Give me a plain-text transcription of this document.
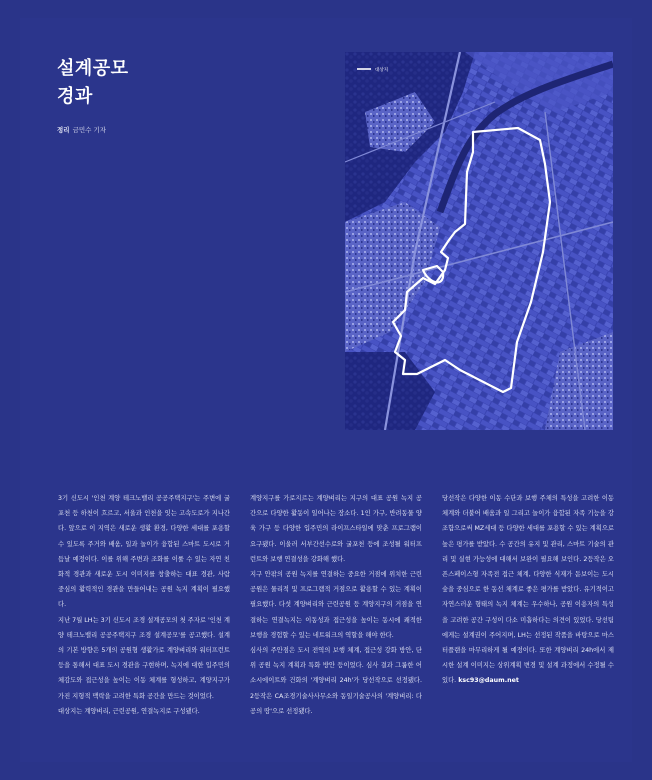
설계공모
경과
정리 금민수 기자
대상지

3기 신도시 '인천 계양 테크노밸리 공공주택지구'는 주변에 굴포천 등 하천이 흐르고, 서울과 인천을 잇는 고속도로가 지나간다. 앞으로 이 지역은 새로운 생활 환경, 다양한 세대를 포용할 수 있도록 주거와 배움, 일과 놀이가 융합된 스마트 도시로 거듭날 예정이다. 이를 위해 주변과 조화를 이룰 수 있는 자연 친화적 경관과 새로운 도시 이미지를 창출하는 대표 경관, 사람 중심의 활력적인 경관을 만들어내는 공원 녹지 계획이 필요했다.

지난 7월 LH는 3기 신도시 조경 설계공모의 첫 주자로 '인천 계양 테크노밸리 공공주택지구 조경 설계공모'를 공고했다. 설계의 기본 방향은 5개의 공원형 생활가로 계양벼리와 워터프런트 등을 통해서 대표 도시 경관을 구현하며, 녹지에 대한 입주민의 체감도와 접근성을 높이는 이동 체계를 형성하고, 계양지구가 가진 지형적 맥락을 고려한 특화 공간을 만드는 것이었다.

대상지는 계양벼리, 근린공원, 연결녹지로 구성됐다.

계양지구를 가로지르는 계양벼리는 지구의 대표 공원 녹지 공간으로 다양한 활동이 일어나는 장소다. 1인 가구, 반려동물 양육 가구 등 다양한 입주민의 라이프스타일에 맞춘 프로그램이 요구됐다. 이울러 서부간선수로와 굴포천 등에 조성될 워터프런트와 보행 연결성을 강화해 했다.

지구 안팎의 공원 녹지를 연결하는 중요한 거점에 위치한 근린공원은 물리적 및 프로그램적 거점으로 활용할 수 있는 계획이 필요했다. 다섯 계양벼리와 근린공원 등 계양지구의 거점을 연결하는 연결녹지는 이동성과 접근성을 높이는 동시에 쾌적한 보행을 경험할 수 있는 네트워크의 역할을 해야 한다.

심사의 주안점은 도시 전역의 보행 체계, 접근성 강화 방안, 단위 공원 녹지 계획과 특화 방안 등이었다. 심사 결과 그룹한 어소시에이트와 건화의 '계양벼리 24h'가 당선작으로 선정됐다. 2등작은 CA조경기술사사무소와 동일기술공사의 '계양벼리: 다공의 땅'으로 선정됐다.

당선작은 다양한 이동 수단과 보행 주체의 특성을 고려한 이동 체계와 더불어 배움과 일 그리고 놀이가 융합된 자족 기능을 강조함으로써 MZ세대 등 다양한 세대를 포용할 수 있는 계획으로 높은 평가를 받았다. 수 공간의 유지 및 관리, 스마트 기술의 관리 및 실현 가능성에 대해서 보완이 필요해 보인다. 2등작은 오픈스페이스형 자족전 접근 체계, 다양한 식재가 돋보이는 도시숲을 중심으로 한 동선 체계로 좋은 평가를 받았다. 유기적이고 자연스러운 형태의 녹지 체계는 우수하나, 공원 이용자의 특성을 고려한 공간 구성이 다소 미흡하다는 의견이 있었다. 당선팀에게는 설계권이 주어지며, LH는 선정된 작품을 바탕으로 마스터플랜을 마무리하게 될 예정이다. 또한 계양벼리 24h에서 제시한 설계 이미지는 상위계획 변경 및 설계 과정에서 수정될 수 있다. ksc93@daum.net
